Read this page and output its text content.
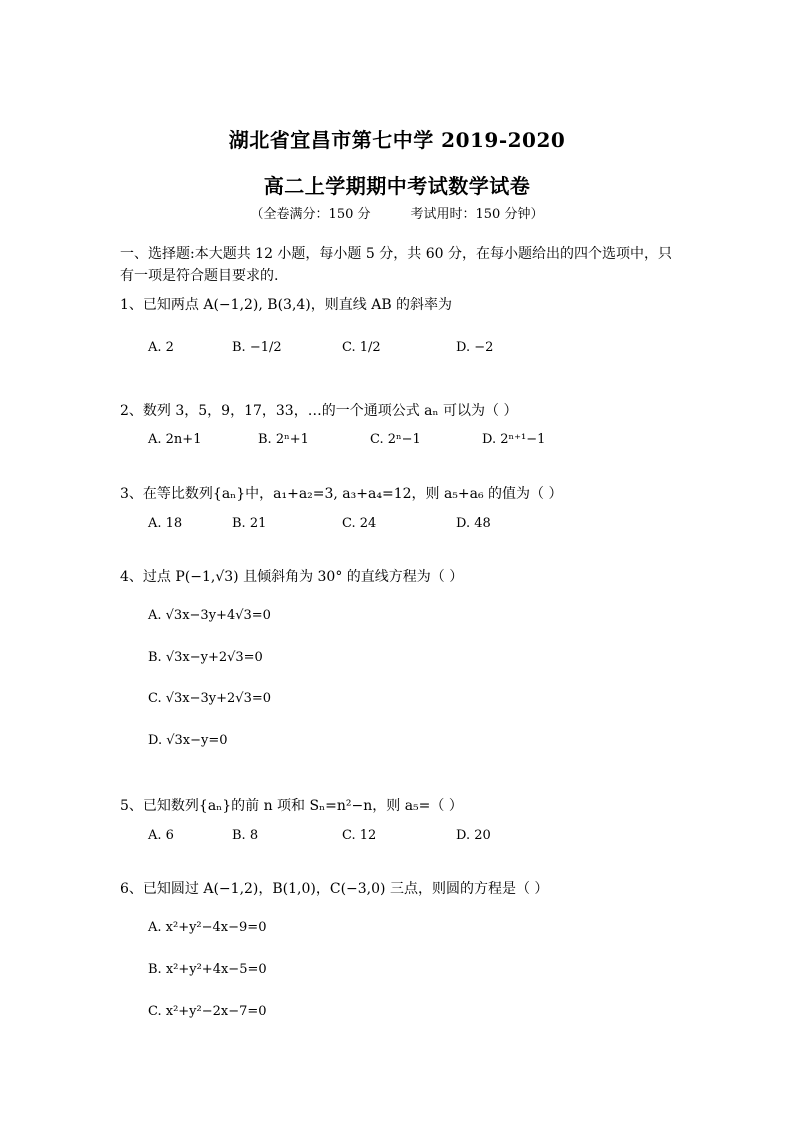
湖北省宜昌市第七中学 2019-2020
高二上学期期中考试数学试卷
（全卷满分：150 分	考试用时：150 分钟）
一、选择题:本大题共 12 小题，每小题 5 分，共 60 分，在每小题给出的四个选项中，只有一项是符合题目要求的.
1、已知两点 A(−1,2), B(3,4)，则直线 AB 的斜率为
A. 2	B. −1/2	C. 1/2	D. −2
2、数列 3，5，9，17，33，…的一个通项公式 aₙ 可以为（ ）
A. 2n+1	B. 2ⁿ+1	C. 2ⁿ−1	D. 2ⁿ⁺¹−1
3、在等比数列{aₙ}中，a₁+a₂=3, a₃+a₄=12，则 a₅+a₆ 的值为（ ）
A. 18	B. 21	C. 24	D. 48
4、过点 P(−1,√3) 且倾斜角为 30° 的直线方程为（ ）
A. √3x−3y+4√3=0
B. √3x−y+2√3=0
C. √3x−3y+2√3=0
D. √3x−y=0
5、已知数列{aₙ}的前 n 项和 Sₙ=n²−n，则 a₅=（ ）
A. 6	B. 8	C. 12	D. 20
6、已知圆过 A(−1,2)，B(1,0)，C(−3,0) 三点，则圆的方程是（ ）
A. x²+y²−4x−9=0
B. x²+y²+4x−5=0
C. x²+y²−2x−7=0
